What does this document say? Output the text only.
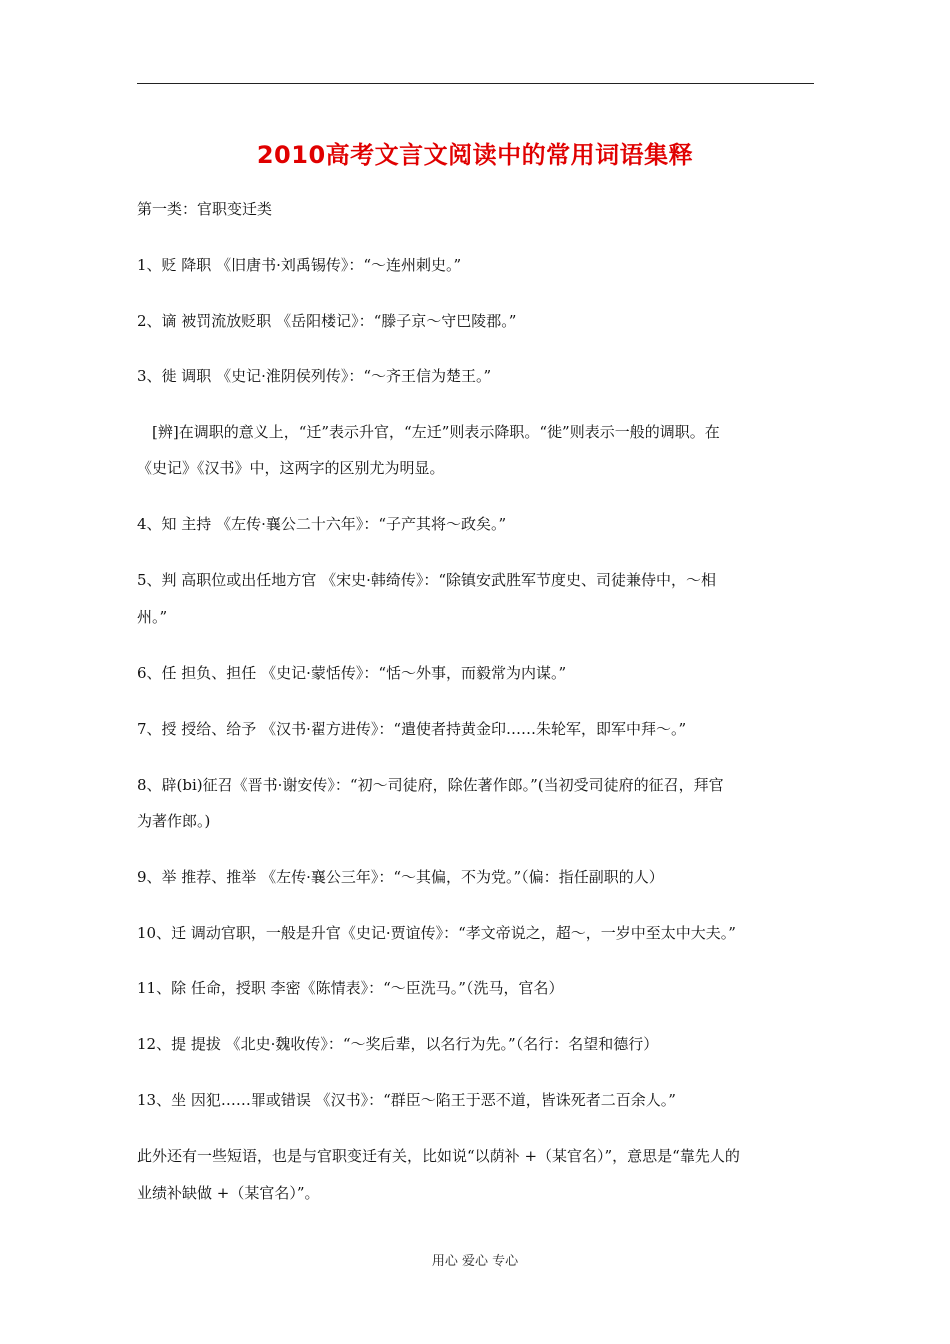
2010高考文言文阅读中的常用词语集释
第一类：官职变迁类
1、贬 降职 《旧唐书·刘禹锡传》：“～连州刺史。”
2、谪 被罚流放贬职 《岳阳楼记》：“滕子京～守巴陵郡。”
3、徙 调职 《史记·淮阴侯列传》：“～齐王信为楚王。”
[辨]在调职的意义上，“迁”表示升官，“左迁”则表示降职。“徙”则表示一般的调职。在
《史记》《汉书》中，这两字的区别尤为明显。
4、知 主持 《左传·襄公二十六年》：“子产其将～政矣。”
5、判 高职位或出任地方官 《宋史·韩绮传》：“除镇安武胜军节度史、司徒兼侍中，～相
州。”
6、任 担负、担任 《史记·蒙恬传》：“恬～外事，而毅常为内谋。”
7、授 授给、给予 《汉书·翟方进传》：“遣使者持黄金印……朱轮军，即军中拜～。”
8、辟(bi)征召《晋书·谢安传》：“初～司徒府，除佐著作郎。”(当初受司徒府的征召，拜官
为著作郎。)
9、举 推荐、推举 《左传·襄公三年》：“～其偏，不为党。”（偏：指任副职的人）
10、迁 调动官职，一般是升官《史记·贾谊传》：“孝文帝说之，超～，一岁中至太中大夫。”
11、除 任命，授职 李密《陈情表》：“～臣洗马。”（洗马，官名）
12、提 提拔 《北史·魏收传》：“～奖后辈，以名行为先。”（名行：名望和德行）
13、坐 因犯……罪或错误 《汉书》：“群臣～陷王于恶不道，皆诛死者二百余人。”
此外还有一些短语，也是与官职变迁有关，比如说“以荫补 +（某官名）”，意思是“靠先人的
业绩补缺做 +（某官名）”。
用心 爱心 专心
